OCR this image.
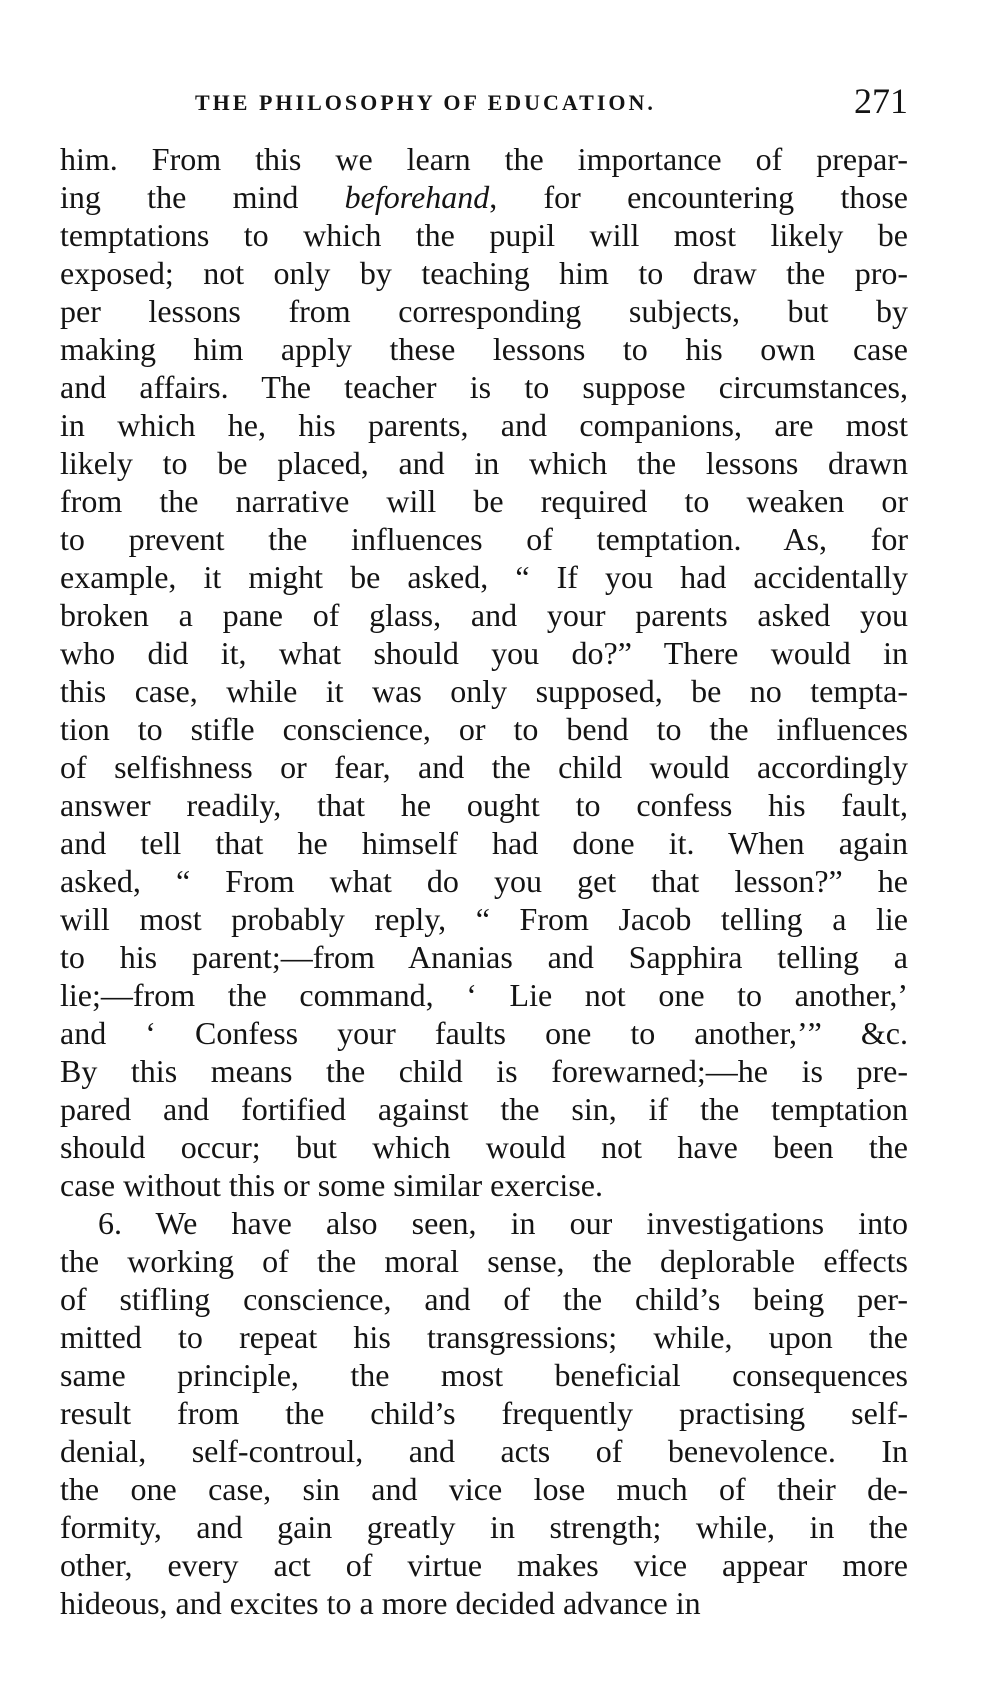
THE PHILOSOPHY OF EDUCATION.	271
him. From this we learn the importance of prepar-
ing the mind beforehand, for encountering those
temptations to which the pupil will most likely be
exposed; not only by teaching him to draw the pro-
per lessons from corresponding subjects, but by
making him apply these lessons to his own case
and affairs. The teacher is to suppose circumstances,
in which he, his parents, and companions, are most
likely to be placed, and in which the lessons drawn
from the narrative will be required to weaken or
to prevent the influences of temptation. As, for
example, it might be asked, “ If you had accidentally
broken a pane of glass, and your parents asked you
who did it, what should you do?” There would in
this case, while it was only supposed, be no tempta-
tion to stifle conscience, or to bend to the influences
of selfishness or fear, and the child would accordingly
answer readily, that he ought to confess his fault,
and tell that he himself had done it. When again
asked, “ From what do you get that lesson?” he
will most probably reply, “ From Jacob telling a lie
to his parent;—from Ananias and Sapphira telling a
lie;—from the command, ‘ Lie not one to another,’
and ‘ Confess your faults one to another,’” &c.
By this means the child is forewarned;—he is pre-
pared and fortified against the sin, if the temptation
should occur; but which would not have been the
case without this or some similar exercise.
6. We have also seen, in our investigations into
the working of the moral sense, the deplorable effects
of stifling conscience, and of the child’s being per-
mitted to repeat his transgressions; while, upon the
same principle, the most beneficial consequences
result from the child’s frequently practising self-
denial, self-controul, and acts of benevolence. In
the one case, sin and vice lose much of their de-
formity, and gain greatly in strength; while, in the
other, every act of virtue makes vice appear more
hideous, and excites to a more decided advance in
